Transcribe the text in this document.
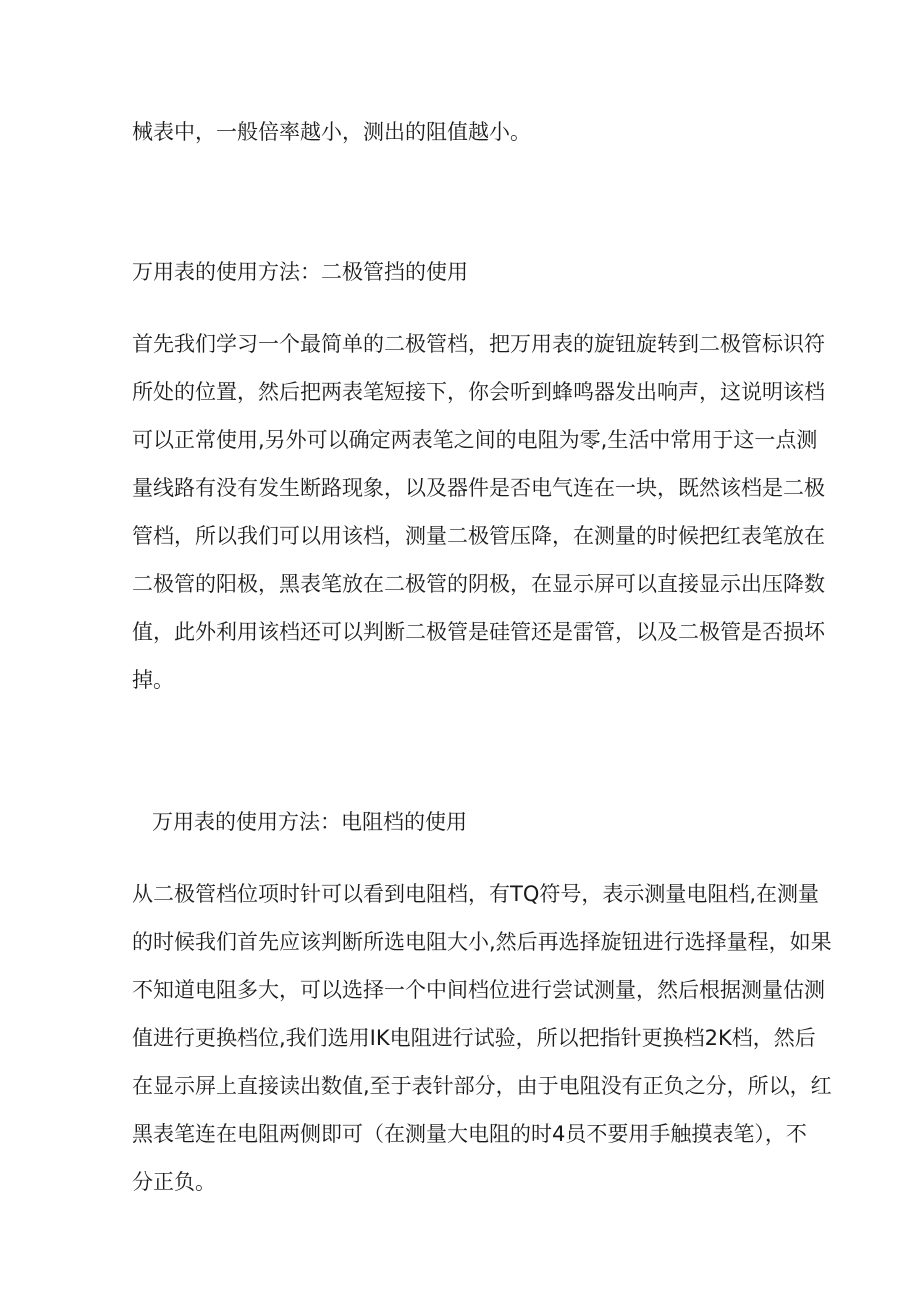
械表中，一般倍率越小，测出的阻值越小。
万用表的使用方法：二极管挡的使用
首先我们学习一个最简单的二极管档，把万用表的旋钮旋转到二极管标识符
所处的位置，然后把两表笔短接下，你会听到蜂鸣器发出响声，这说明该档
可以正常使用,另外可以确定两表笔之间的电阻为零,生活中常用于这一点测
量线路有没有发生断路现象，以及器件是否电气连在一块，既然该档是二极
管档，所以我们可以用该档，测量二极管压降，在测量的时候把红表笔放在
二极管的阳极，黑表笔放在二极管的阴极，在显示屏可以直接显示出压降数
值，此外利用该档还可以判断二极管是硅管还是雷管，以及二极管是否损坏
掉。
万用表的使用方法：电阻档的使用
从二极管档位项时针可以看到电阻档，有TQ符号，表示测量电阻档,在测量
的时候我们首先应该判断所选电阻大小,然后再选择旋钮进行选择量程，如果
不知道电阻多大，可以选择一个中间档位进行尝试测量，然后根据测量估测
值进行更换档位,我们选用IK电阻进行试验，所以把指针更换档2K档，然后
在显示屏上直接读出数值,至于表针部分，由于电阻没有正负之分，所以，红
黑表笔连在电阻两侧即可（在测量大电阻的时4员不要用手触摸表笔），不
分正负。
